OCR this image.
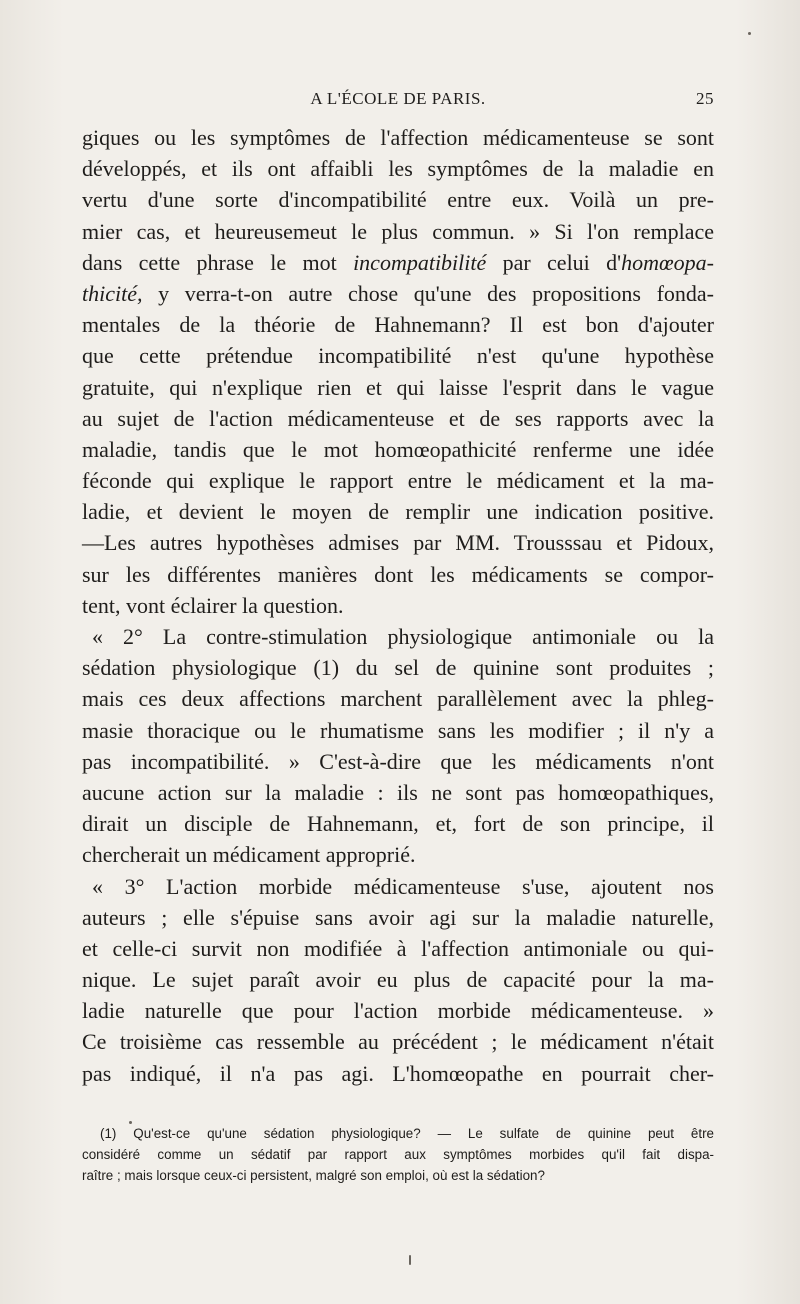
A L'ÉCOLE DE PARIS.	25
giques ou les symptômes de l'affection médicamenteuse se sont
développés, et ils ont affaibli les symptômes de la maladie en
vertu d'une sorte d'incompatibilité entre eux. Voilà un pre-
mier cas, et heureusemeut le plus commun. » Si l'on remplace
dans cette phrase le mot incompatibilité par celui d'homœopa-
thicité, y verra-t-on autre chose qu'une des propositions fonda-
mentales de la théorie de Hahnemann? Il est bon d'ajouter
que cette prétendue incompatibilité n'est qu'une hypothèse
gratuite, qui n'explique rien et qui laisse l'esprit dans le vague
au sujet de l'action médicamenteuse et de ses rapports avec la
maladie, tandis que le mot homœopathicité renferme une idée
féconde qui explique le rapport entre le médicament et la ma-
ladie, et devient le moyen de remplir une indication positive.
—Les autres hypothèses admises par MM. Trousssau et Pidoux,
sur les différentes manières dont les médicaments se compor-
tent, vont éclairer la question.
« 2° La contre-stimulation physiologique antimoniale ou la
sédation physiologique (1) du sel de quinine sont produites ;
mais ces deux affections marchent parallèlement avec la phleg-
masie thoracique ou le rhumatisme sans les modifier ; il n'y a
pas incompatibilité. » C'est-à-dire que les médicaments n'ont
aucune action sur la maladie : ils ne sont pas homœopathiques,
dirait un disciple de Hahnemann, et, fort de son principe, il
chercherait un médicament approprié.
« 3° L'action morbide médicamenteuse s'use, ajoutent nos
auteurs ; elle s'épuise sans avoir agi sur la maladie naturelle,
et celle-ci survit non modifiée à l'affection antimoniale ou qui-
nique. Le sujet paraît avoir eu plus de capacité pour la ma-
ladie naturelle que pour l'action morbide médicamenteuse. »
Ce troisième cas ressemble au précédent ; le médicament n'était
pas indiqué, il n'a pas agi. L'homœopathe en pourrait cher-
(1) Qu'est-ce qu'une sédation physiologique? — Le sulfate de quinine peut être
considéré comme un sédatif par rapport aux symptômes morbides qu'il fait dispa-
raître ; mais lorsque ceux-ci persistent, malgré son emploi, où est la sédation?
